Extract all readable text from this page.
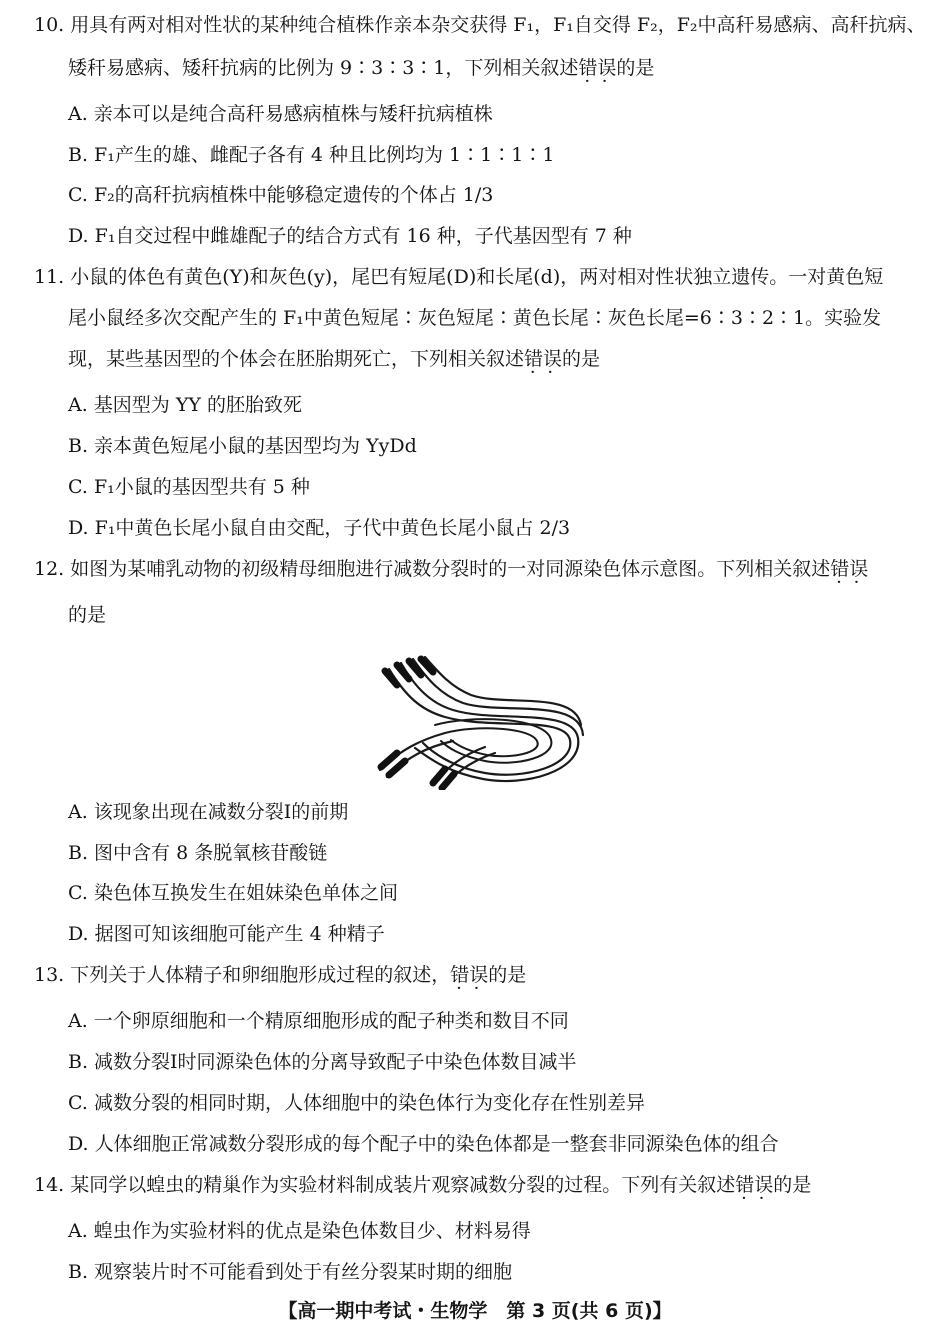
10. 用具有两对相对性状的某种纯合植株作亲本杂交获得 F₁，F₁自交得 F₂，F₂中高秆易感病、高秆抗病、
矮秆易感病、矮秆抗病的比例为 9∶3∶3∶1，下列相关叙述错误 · ·的是
A. 亲本可以是纯合高秆易感病植株与矮秆抗病植株
B. F₁产生的雄、雌配子各有 4 种且比例均为 1∶1∶1∶1
C. F₂的高秆抗病植株中能够稳定遗传的个体占 1/3
D. F₁自交过程中雌雄配子的结合方式有 16 种，子代基因型有 7 种
11. 小鼠的体色有黄色(Y)和灰色(y)，尾巴有短尾(D)和长尾(d)，两对相对性状独立遗传。一对黄色短
尾小鼠经多次交配产生的 F₁中黄色短尾∶灰色短尾∶黄色长尾∶灰色长尾=6∶3∶2∶1。实验发
现，某些基因型的个体会在胚胎期死亡，下列相关叙述错误 · ·的是
A. 基因型为 YY 的胚胎致死
B. 亲本黄色短尾小鼠的基因型均为 YyDd
C. F₁小鼠的基因型共有 5 种
D. F₁中黄色长尾小鼠自由交配，子代中黄色长尾小鼠占 2/3
12. 如图为某哺乳动物的初级精母细胞进行减数分裂时的一对同源染色体示意图。下列相关叙述错误 · ·
的是
A. 该现象出现在减数分裂Ⅰ的前期
B. 图中含有 8 条脱氧核苷酸链
C. 染色体互换发生在姐妹染色单体之间
D. 据图可知该细胞可能产生 4 种精子
13. 下列关于人体精子和卵细胞形成过程的叙述，错误 · ·的是
A. 一个卵原细胞和一个精原细胞形成的配子种类和数目不同
B. 减数分裂Ⅰ时同源染色体的分离导致配子中染色体数目减半
C. 减数分裂的相同时期，人体细胞中的染色体行为变化存在性别差异
D. 人体细胞正常减数分裂形成的每个配子中的染色体都是一整套非同源染色体的组合
14. 某同学以蝗虫的精巢作为实验材料制成装片观察减数分裂的过程。下列有关叙述错误 · ·的是
A. 蝗虫作为实验材料的优点是染色体数目少、材料易得
B. 观察装片时不可能看到处于有丝分裂某时期的细胞
【高一期中考试・生物学　第 3 页(共 6 页)】
